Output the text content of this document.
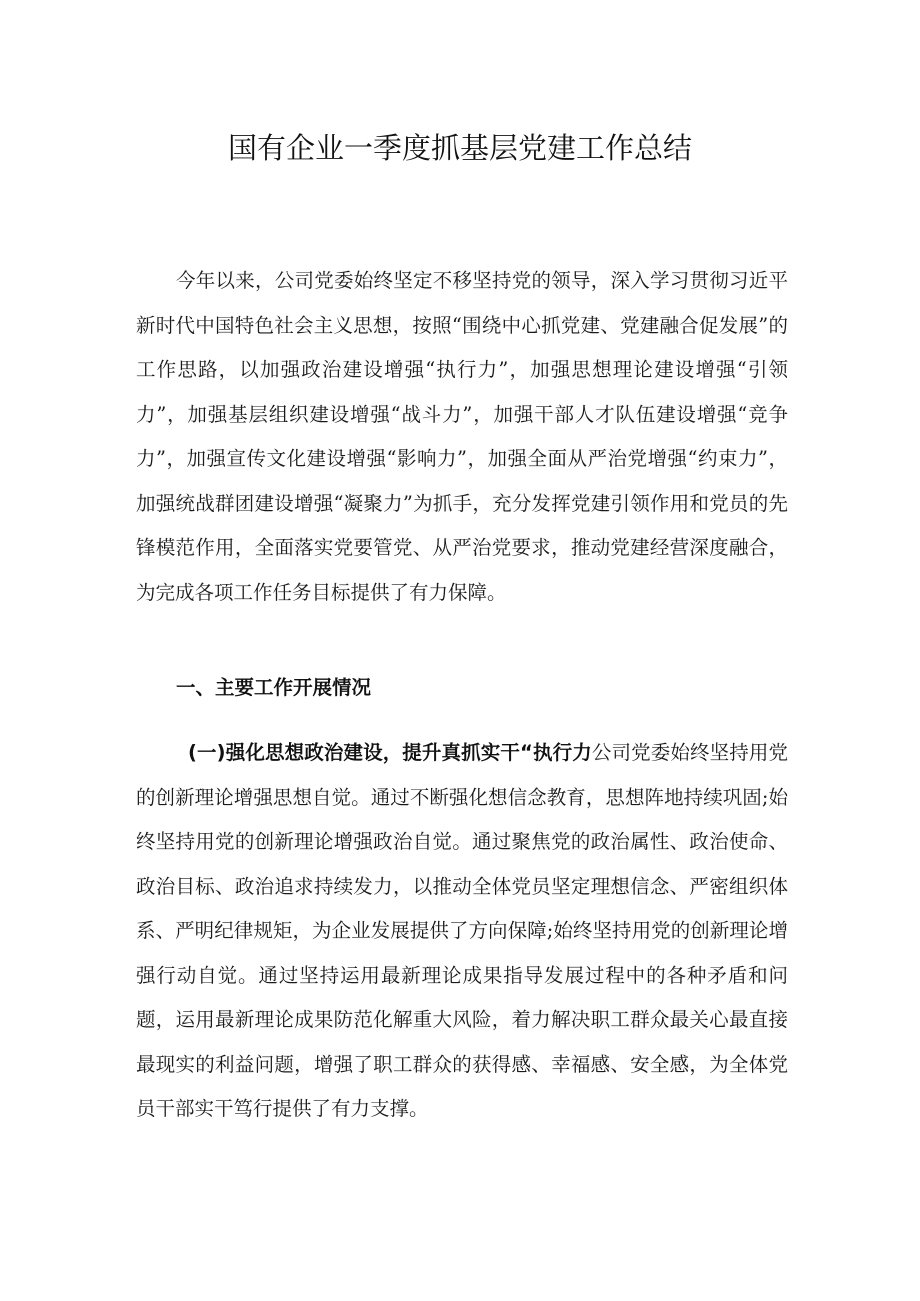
国有企业一季度抓基层党建工作总结

今年以来，公司党委始终坚定不移坚持党的领导，深入学习贯彻习近平新时代中国特色社会主义思想，按照“围绕中心抓党建、党建融合促发展”的工作思路，以加强政治建设增强“执行力”，加强思想理论建设增强“引领力”，加强基层组织建设增强“战斗力”，加强干部人才队伍建设增强“竞争力”，加强宣传文化建设增强“影响力”，加强全面从严治党增强“约束力”，加强统战群团建设增强“凝聚力”为抓手，充分发挥党建引领作用和党员的先锋模范作用，全面落实党要管党、从严治党要求，推动党建经营深度融合，为完成各项工作任务目标提供了有力保障。

一、主要工作开展情况

(一)强化思想政治建设，提升真抓实干“执行力公司党委始终坚持用党的创新理论增强思想自觉。通过不断强化想信念教育，思想阵地持续巩固;始终坚持用党的创新理论增强政治自觉。通过聚焦党的政治属性、政治使命、政治目标、政治追求持续发力，以推动全体党员坚定理想信念、严密组织体系、严明纪律规矩，为企业发展提供了方向保障;始终坚持用党的创新理论增强行动自觉。通过坚持运用最新理论成果指导发展过程中的各种矛盾和问题，运用最新理论成果防范化解重大风险，着力解决职工群众最关心最直接最现实的利益问题，增强了职工群众的获得感、幸福感、安全感，为全体党员干部实干笃行提供了有力支撑。
